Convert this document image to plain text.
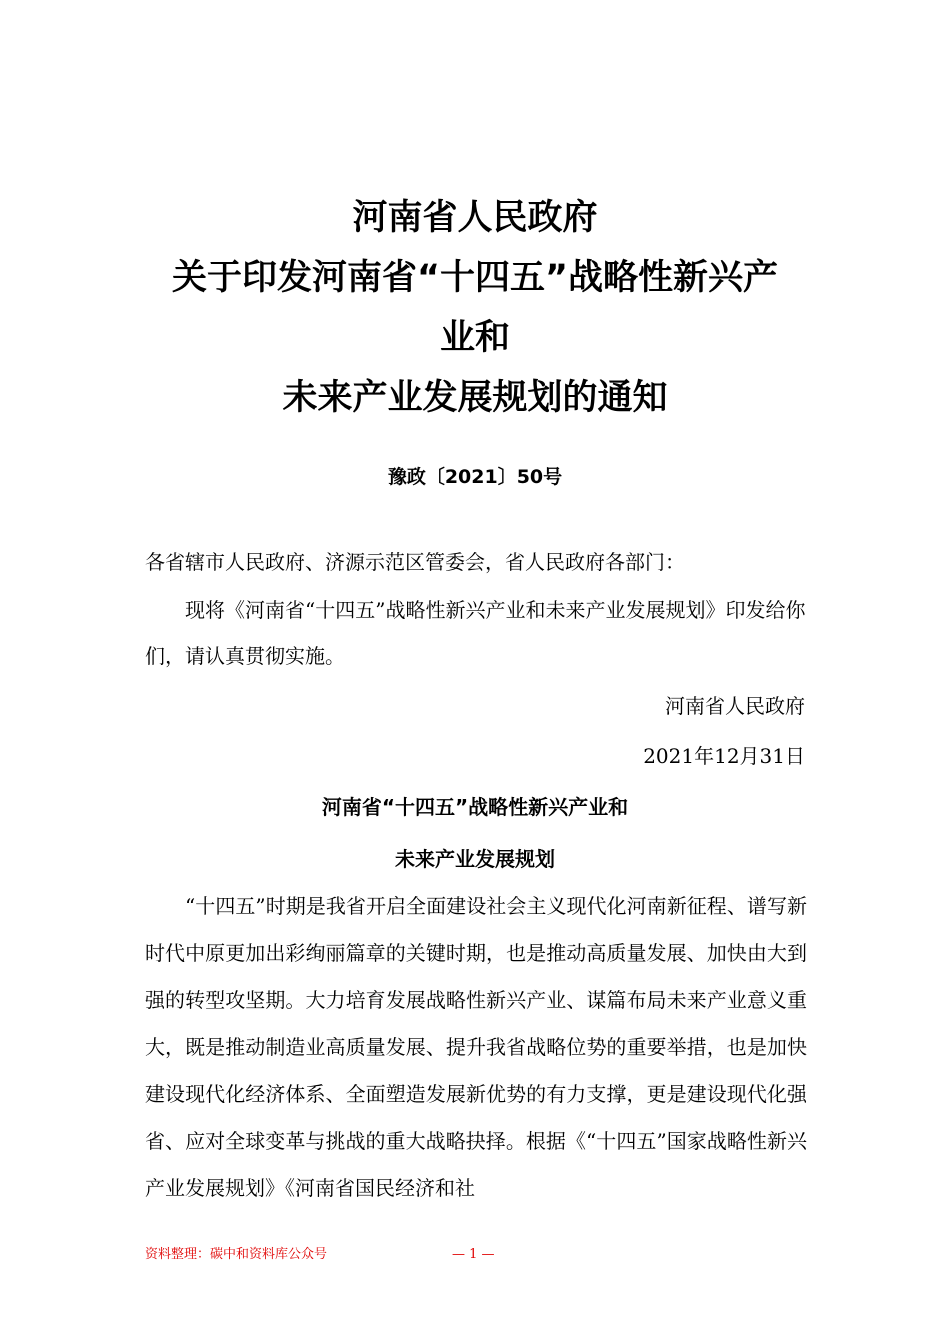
河南省人民政府
关于印发河南省“十四五”战略性新兴产
业和
未来产业发展规划的通知
豫政〔2021〕50号
各省辖市人民政府、济源示范区管委会，省人民政府各部门：
现将《河南省“十四五”战略性新兴产业和未来产业发展规划》印发给你们，请认真贯彻实施。
河南省人民政府
2021年12月31日
河南省“十四五”战略性新兴产业和
未来产业发展规划
“十四五”时期是我省开启全面建设社会主义现代化河南新征程、谱写新时代中原更加出彩绚丽篇章的关键时期，也是推动高质量发展、加快由大到强的转型攻坚期。大力培育发展战略性新兴产业、谋篇布局未来产业意义重大，既是推动制造业高质量发展、提升我省战略位势的重要举措，也是加快建设现代化经济体系、全面塑造发展新优势的有力支撑，更是建设现代化强省、应对全球变革与挑战的重大战略抉择。根据《“十四五”国家战略性新兴产业发展规划》《河南省国民经济和社
资料整理：碳中和资料库公众号	— 1 —
